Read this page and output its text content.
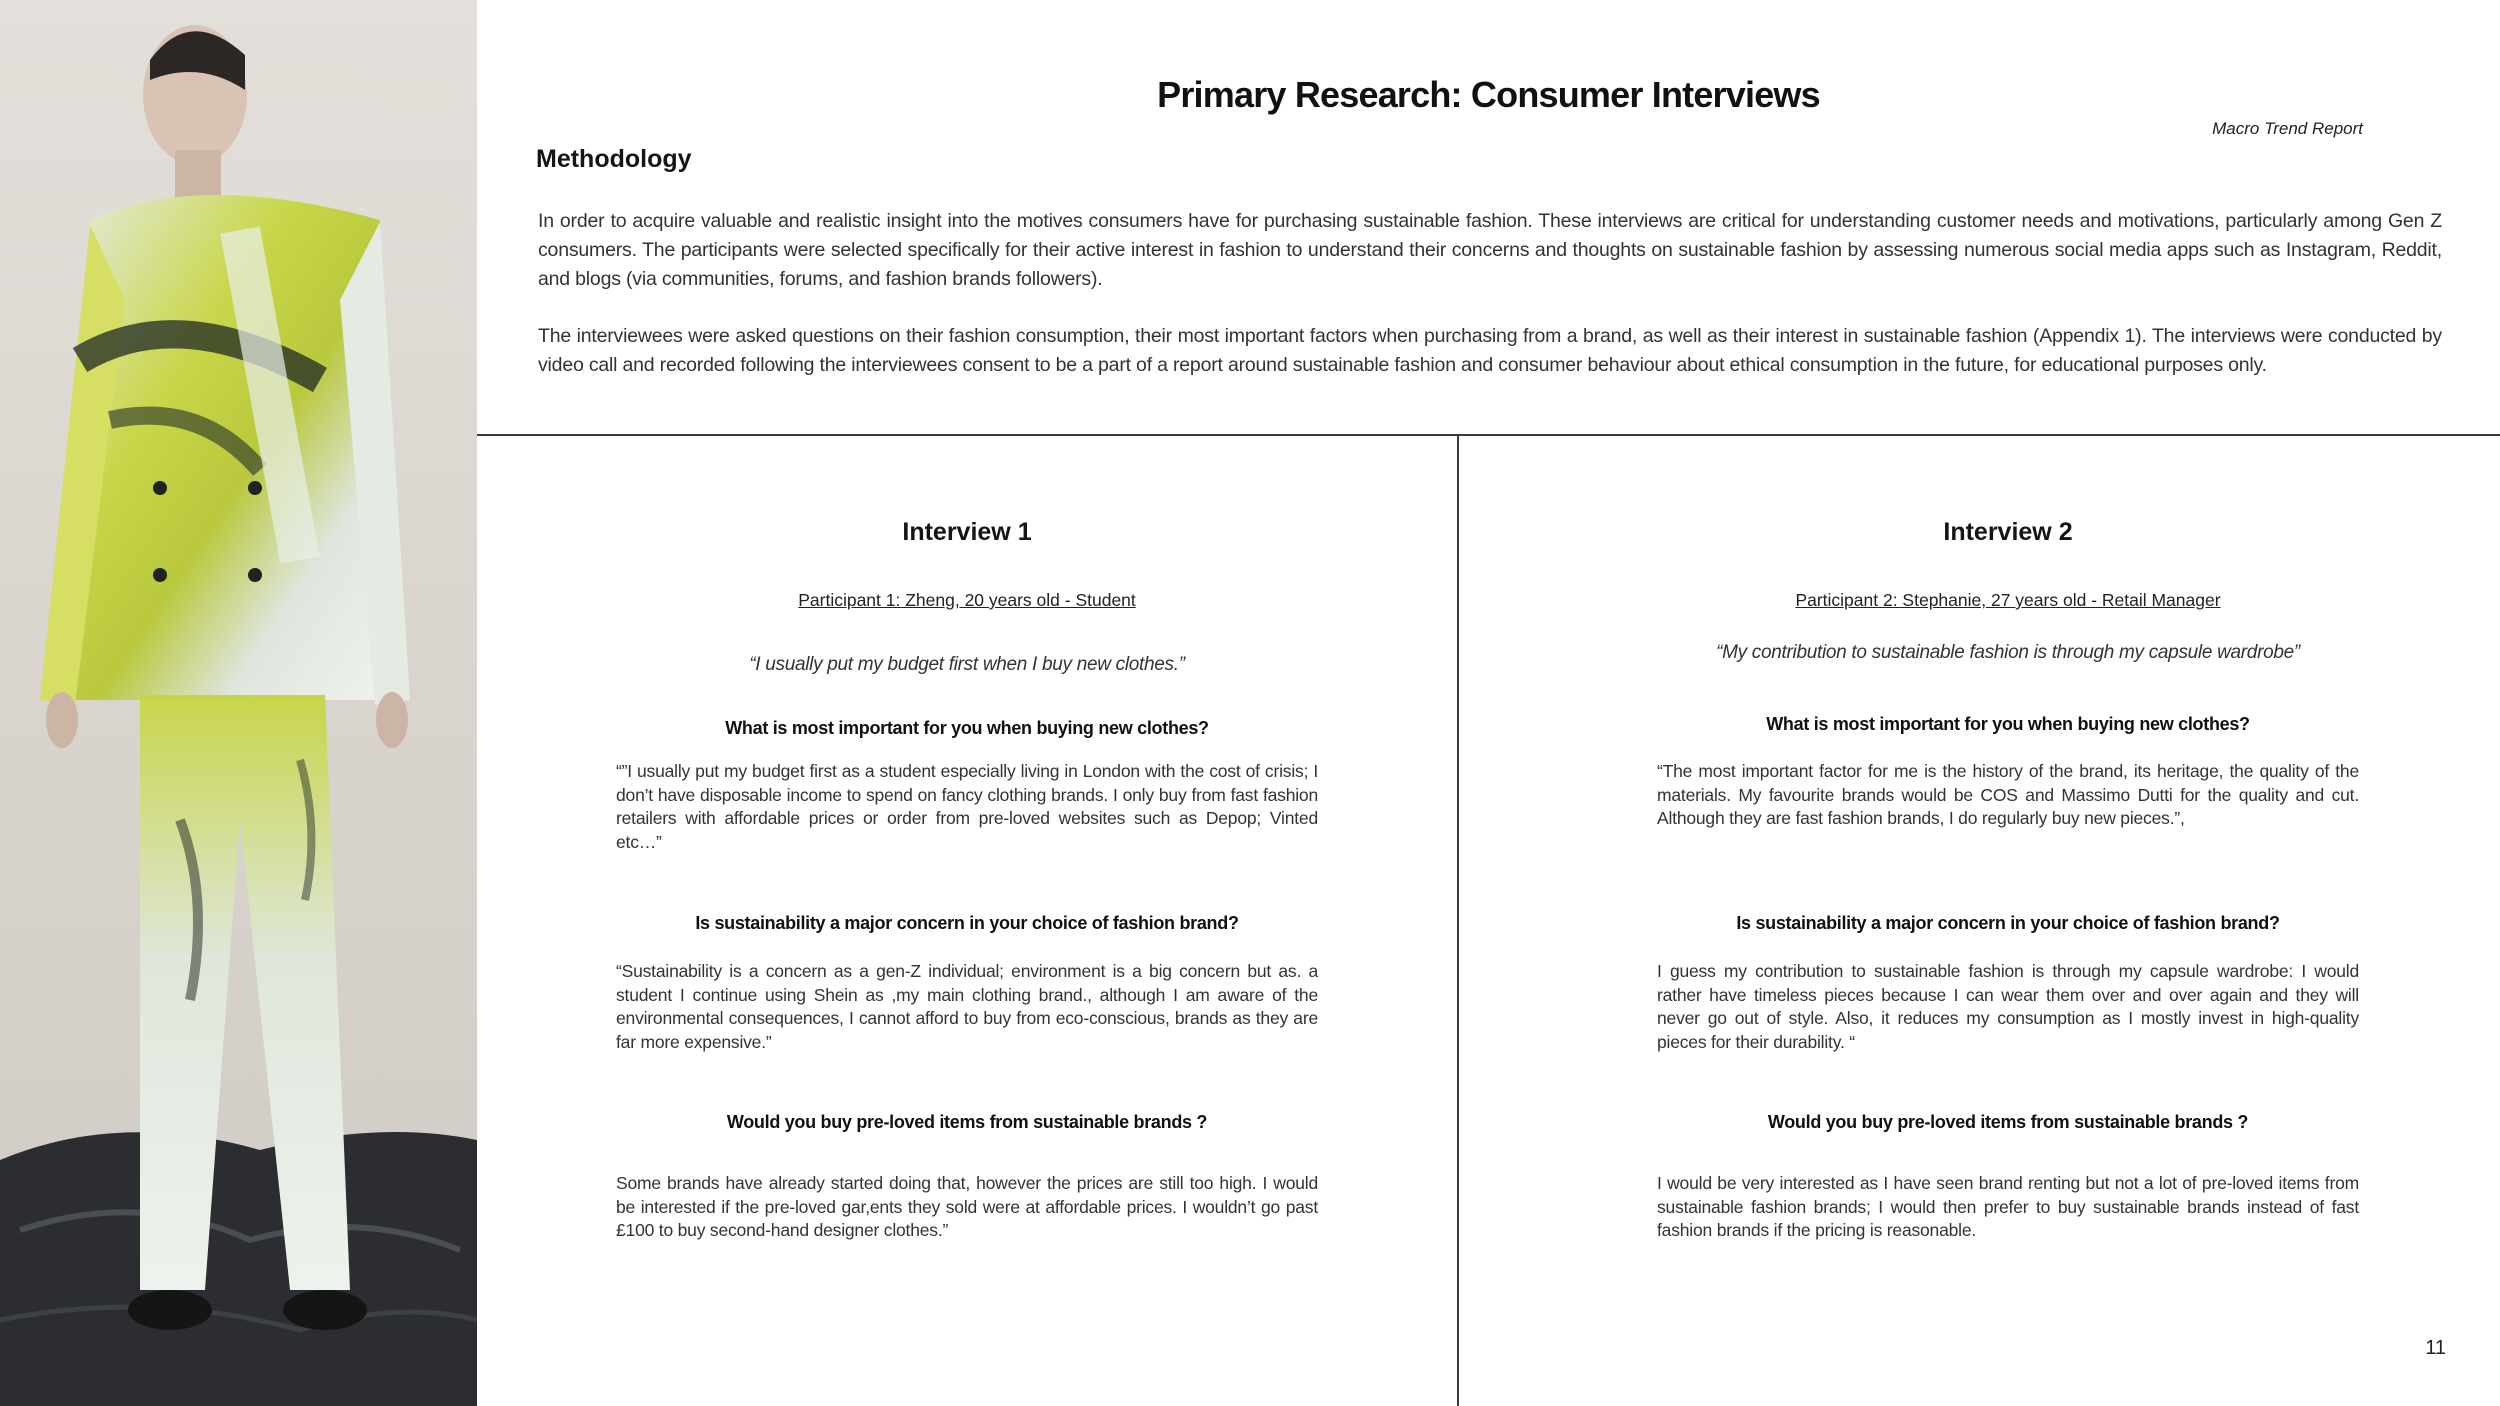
Primary Research: Consumer Interviews
Macro Trend Report
Methodology
In order to acquire valuable and realistic insight into the motives consumers have for purchasing sustainable fashion. These interviews are critical for understanding customer needs and motivations, particularly among Gen Z consumers. The participants were selected specifically for their active interest in fashion to understand their concerns and thoughts on sustainable fashion by assessing numerous social media apps such as Instagram, Reddit, and blogs (via communities, forums, and fashion brands followers).
The interviewees were asked questions on their fashion consumption, their most important factors when purchasing from a brand, as well as their interest in sustainable fashion (Appendix 1). The interviews were conducted by video call and recorded following the interviewees consent to be a part of a report around sustainable fashion and consumer behaviour about ethical consumption in the future, for educational purposes only.
Interview 1
Participant 1: Zheng, 20 years old - Student
“I usually put my budget first when I buy new clothes.”
What is most important for you when buying new clothes?
“”I usually put my budget first as a student especially living in London with the cost of crisis; I don’t have disposable income to spend on fancy clothing brands. I only buy from fast fashion retailers with affordable prices or order from pre-loved websites such as Depop; Vinted etc…”
Is sustainability a major concern in your choice of fashion brand?
“Sustainability is a concern as a gen-Z individual; environment is a big concern but as. a student I continue using Shein as ,my main clothing brand., although I am aware of the environmental consequences, I cannot afford to buy from eco-conscious, brands as they are far more expensive.”
Would you buy pre-loved items from sustainable brands ?
Some brands have already started doing that, however the prices are still too high. I would be interested if the pre-loved gar,ents they sold were at affordable prices. I wouldn’t go past £100 to buy second-hand designer clothes.”
Interview 2
Participant 2: Stephanie, 27 years old - Retail Manager
“My contribution to sustainable fashion is through my capsule wardrobe”
What is most important for you when buying new clothes?
“The most important factor for me is the history of the brand, its heritage, the quality of the materials. My favourite brands would be COS and Massimo Dutti for the quality and cut. Although they are fast fashion brands, I do regularly buy new pieces.”,
Is sustainability a major concern in your choice of fashion brand?
I guess my contribution to sustainable fashion is through my capsule wardrobe: I would rather have timeless pieces because I can wear them over and over again and they will never go out of style. Also, it reduces my consumption as I mostly invest in high-quality pieces for their durability. “
Would you buy pre-loved items from sustainable brands ?
I would be very interested as I have seen brand renting but not a lot of pre-loved items from sustainable fashion brands; I would then prefer to buy sustainable brands instead of fast fashion brands if the pricing is reasonable.
11
